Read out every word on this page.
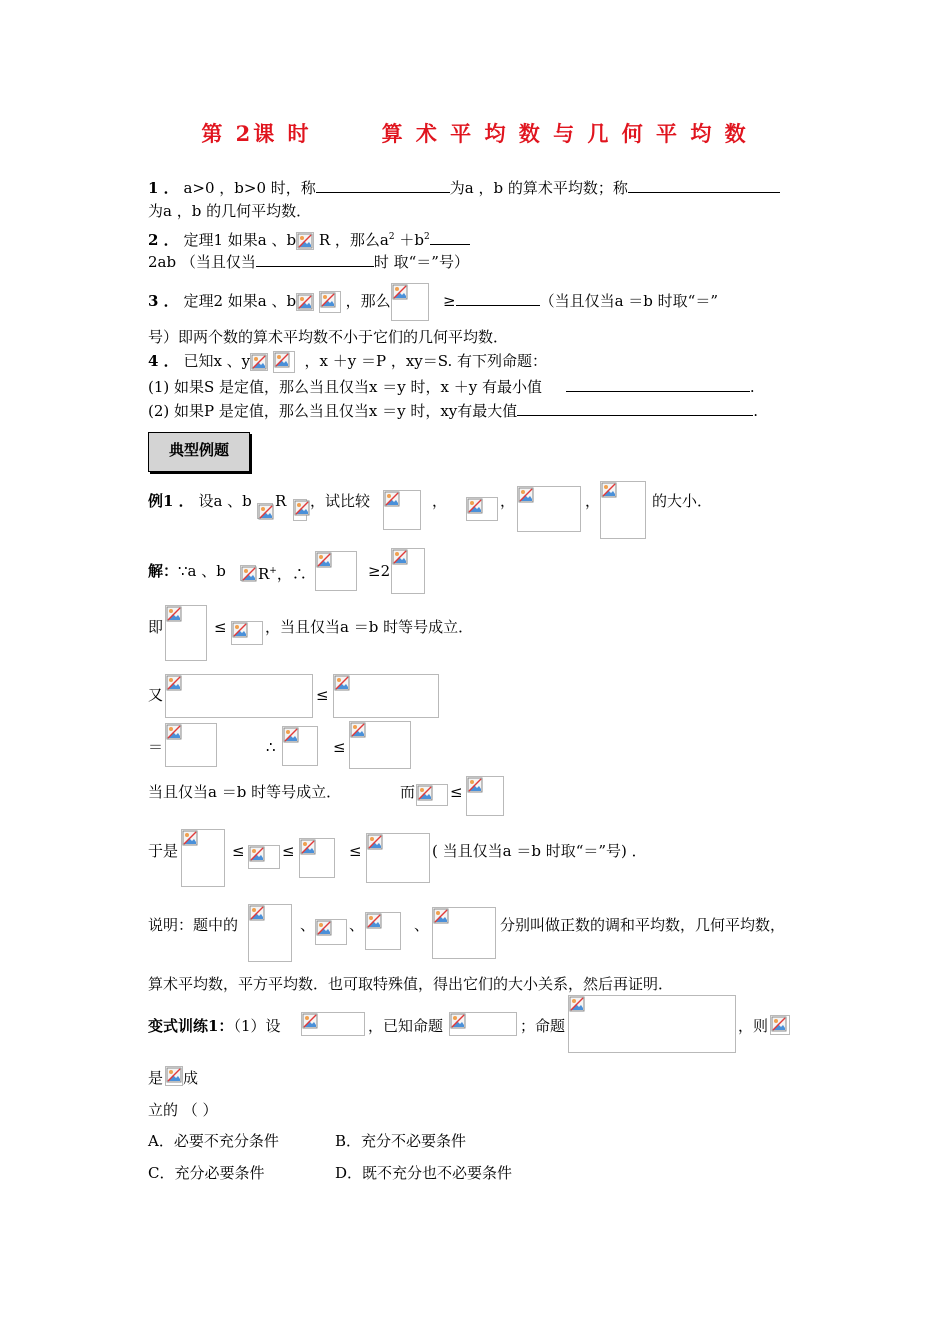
第 2课 时	算 术 平 均 数 与 几 何 平 均 数
1 ． a>0 ，b>0 时，称	为a ，b 的算术平均数；称
为a ，b 的几何平均数．
2 ． 定理1 如果a 、b
R ，那么$a^2 +b^2$
2ab （当且仅当	时 取“＝”号）
3 ． 定理2 如果a 、b
	，那么	≥	（当且仅当a ＝b 时取“＝”
号）即两个数的算术平均数不小于它们的几何平均数．
4 ． 已知x 、y
	，x ＋y ＝P ，xy＝S. 有下列命题：
(1) 如果S 是定值，那么当且仅当x ＝y 时，x ＋y 有最小值	.
(2) 如果P 是定值，那么当且仅当x ＝y 时，xy有最大值	.
典型例题
例1 ． 设a 、b R ，试比较	，	，	，	的大小．
解：∵a 、b R+，∴	≥2
即	≤	，当且仅当a ＝b 时等号成立．
又	≤
＝	∴	≤
当且仅当a ＝b 时等号成立．	而 ≤
于是	≤ ≤	≤	( 当且仅当a ＝b 时取“＝”号) ．
说明：题中的	、 、	、	分别叫做正数的调和平均数，几何平均数，
算术平均数，平方平均数．也可取特殊值，得出它们的大小关系，然后再证明．
变式训练1：（1）设	，已知命题	；命题	，则
是 成
立的 （ ）
A．必要不充分条件	B．充分不必要条件
C．充分必要条件	D．既不充分也不必要条件
